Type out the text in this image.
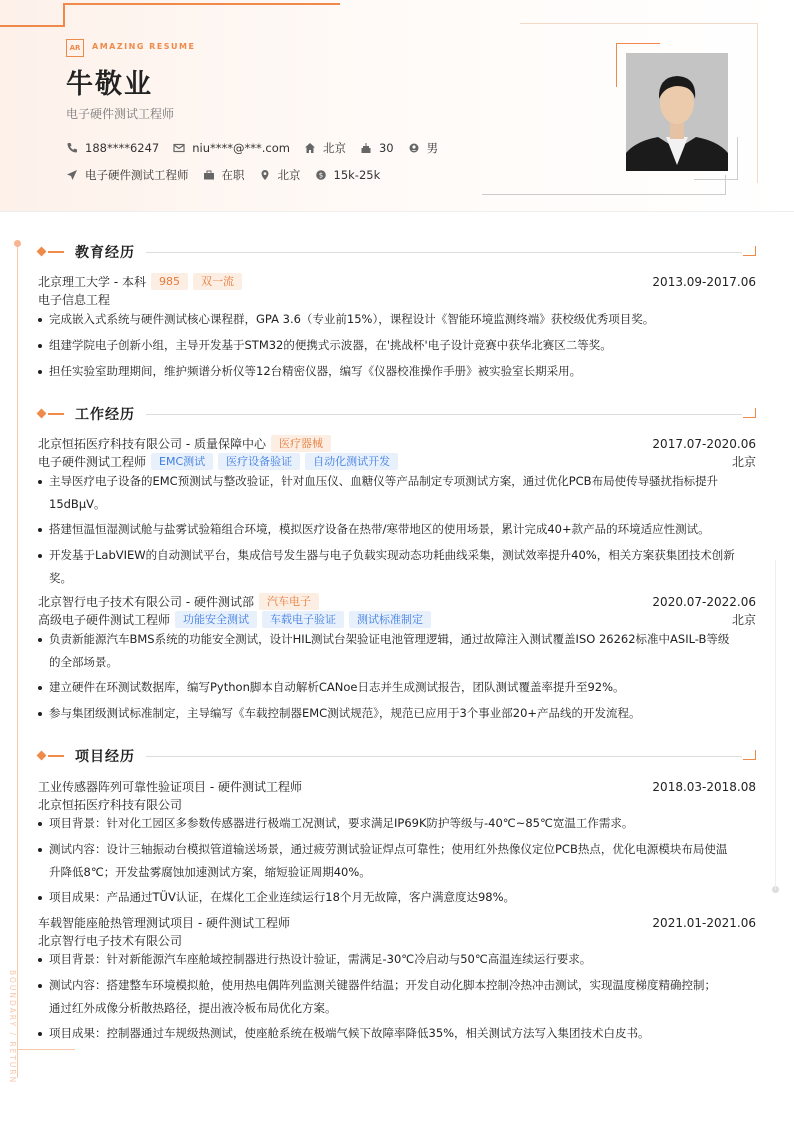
AR	AMAZING RESUME
牛敬业
电子硬件测试工程师
188****6247	niu****@***.com	北京	30	男
电子硬件测试工程师	在职	北京	$ 15k-25k
BOUNDARY / RETURN
教育经历
北京理工大学 - 本科	985	双一流	2013.09-2017.06
电子信息工程
完成嵌入式系统与硬件测试核心课程群，GPA 3.6（专业前15%），课程设计《智能环境监测终端》获校级优秀项目奖。
组建学院电子创新小组，主导开发基于STM32的便携式示波器，在'挑战杯'电子设计竞赛中获华北赛区二等奖。
担任实验室助理期间，维护频谱分析仪等12台精密仪器，编写《仪器校准操作手册》被实验室长期采用。
工作经历
北京恒拓医疗科技有限公司 - 质量保障中心	医疗器械	2017.07-2020.06
电子硬件测试工程师	EMC测试	医疗设备验证	自动化测试开发	北京
主导医疗电子设备的EMC预测试与整改验证，针对血压仪、血糖仪等产品制定专项测试方案，通过优化PCB布局使传导骚扰指标提升
15dBμV。
搭建恒温恒湿测试舱与盐雾试验箱组合环境，模拟医疗设备在热带/寒带地区的使用场景，累计完成40+款产品的环境适应性测试。
开发基于LabVIEW的自动测试平台，集成信号发生器与电子负载实现动态功耗曲线采集，测试效率提升40%，相关方案获集团技术创新
奖。
北京智行电子技术有限公司 - 硬件测试部	汽车电子	2020.07-2022.06
高级电子硬件测试工程师	功能安全测试	车载电子验证	测试标准制定	北京
负责新能源汽车BMS系统的功能安全测试，设计HIL测试台架验证电池管理逻辑，通过故障注入测试覆盖ISO 26262标准中ASIL-B等级
的全部场景。
建立硬件在环测试数据库，编写Python脚本自动解析CANoe日志并生成测试报告，团队测试覆盖率提升至92%。
参与集团级测试标准制定，主导编写《车载控制器EMC测试规范》，规范已应用于3个事业部20+产品线的开发流程。
项目经历
工业传感器阵列可靠性验证项目 - 硬件测试工程师	2018.03-2018.08
北京恒拓医疗科技有限公司
项目背景：针对化工园区多参数传感器进行极端工况测试，要求满足IP69K防护等级与-40℃~85℃宽温工作需求。
测试内容：设计三轴振动台模拟管道输送场景，通过疲劳测试验证焊点可靠性；使用红外热像仪定位PCB热点，优化电源模块布局使温
升降低8℃；开发盐雾腐蚀加速测试方案，缩短验证周期40%。
项目成果：产品通过TÜV认证，在煤化工企业连续运行18个月无故障，客户满意度达98%。
车载智能座舱热管理测试项目 - 硬件测试工程师	2021.01-2021.06
北京智行电子技术有限公司
项目背景：针对新能源汽车座舱域控制器进行热设计验证，需满足-30℃冷启动与50℃高温连续运行要求。
测试内容：搭建整车环境模拟舱，使用热电偶阵列监测关键器件结温；开发自动化脚本控制冷热冲击测试，实现温度梯度精确控制；
通过红外成像分析散热路径，提出液冷板布局优化方案。
项目成果：控制器通过车规级热测试，使座舱系统在极端气候下故障率降低35%，相关测试方法写入集团技术白皮书。
